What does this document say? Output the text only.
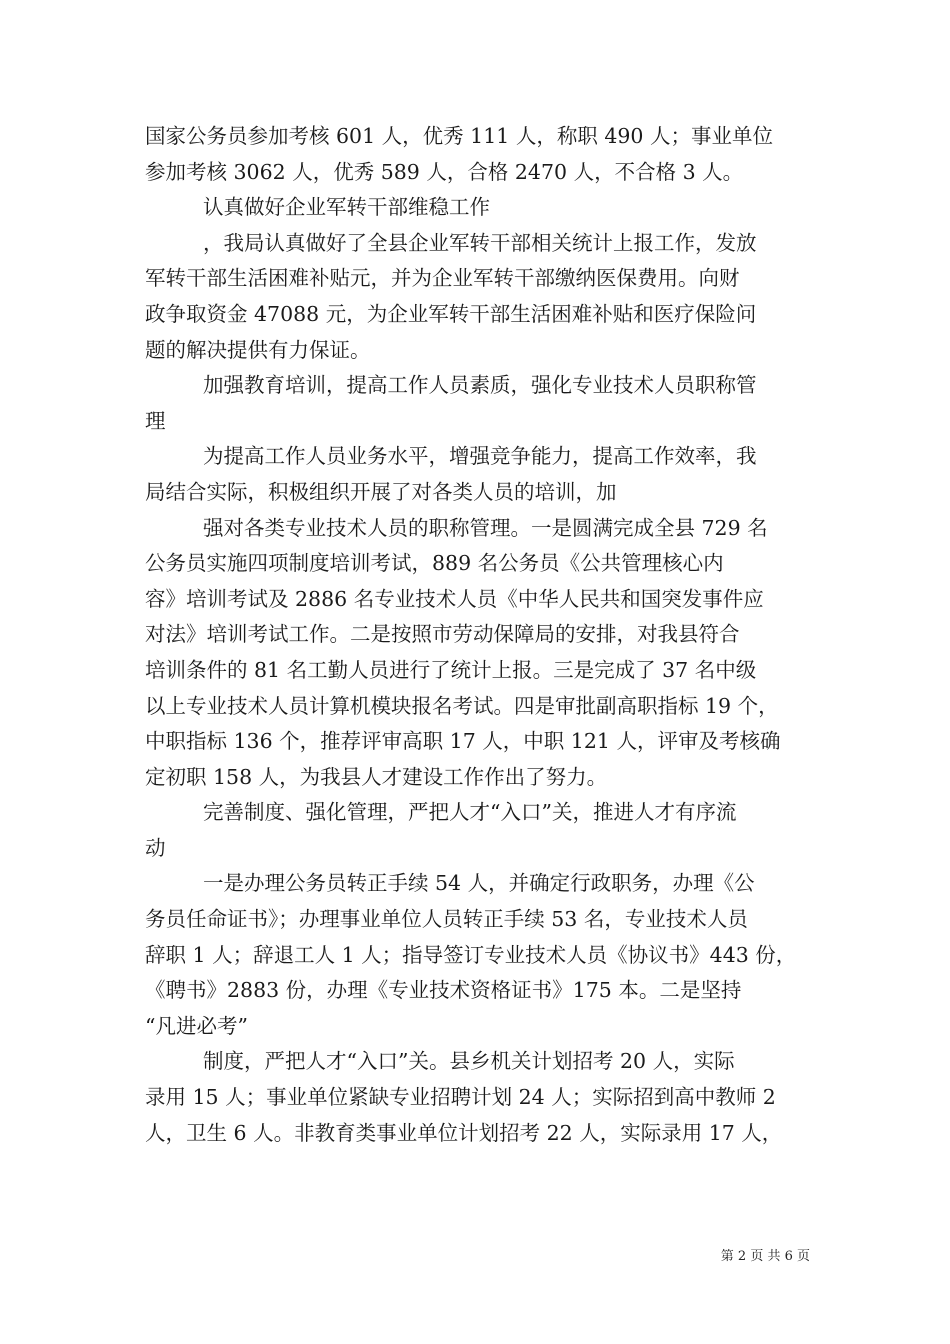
国家公务员参加考核 601 人，优秀 111 人，称职 490 人；事业单位
参加考核 3062 人，优秀 589 人，合格 2470 人，不合格 3 人。
认真做好企业军转干部维稳工作
，我局认真做好了全县企业军转干部相关统计上报工作，发放
军转干部生活困难补贴元，并为企业军转干部缴纳医保费用。向财
政争取资金 47088 元，为企业军转干部生活困难补贴和医疗保险问
题的解决提供有力保证。
加强教育培训，提高工作人员素质，强化专业技术人员职称管
理
为提高工作人员业务水平，增强竞争能力，提高工作效率，我
局结合实际，积极组织开展了对各类人员的培训，加
强对各类专业技术人员的职称管理。一是圆满完成全县 729 名
公务员实施四项制度培训考试，889 名公务员《公共管理核心内
容》培训考试及 2886 名专业技术人员《中华人民共和国突发事件应
对法》培训考试工作。二是按照市劳动保障局的安排，对我县符合
培训条件的 81 名工勤人员进行了统计上报。三是完成了 37 名中级
以上专业技术人员计算机模块报名考试。四是审批副高职指标 19 个，
中职指标 136 个，推荐评审高职 17 人，中职 121 人，评审及考核确
定初职 158 人，为我县人才建设工作作出了努力。
完善制度、强化管理，严把人才“入口”关，推进人才有序流
动
一是办理公务员转正手续 54 人，并确定行政职务，办理《公
务员任命证书》；办理事业单位人员转正手续 53 名，专业技术人员
辞职 1 人；辞退工人 1 人；指导签订专业技术人员《协议书》443 份，
《聘书》2883 份，办理《专业技术资格证书》175 本。二是坚持
“凡进必考”
制度，严把人才“入口”关。县乡机关计划招考 20 人，实际
录用 15 人；事业单位紧缺专业招聘计划 24 人；实际招到高中教师 2
人，卫生 6 人。非教育类事业单位计划招考 22 人，实际录用 17 人，
第 2 页 共 6 页
